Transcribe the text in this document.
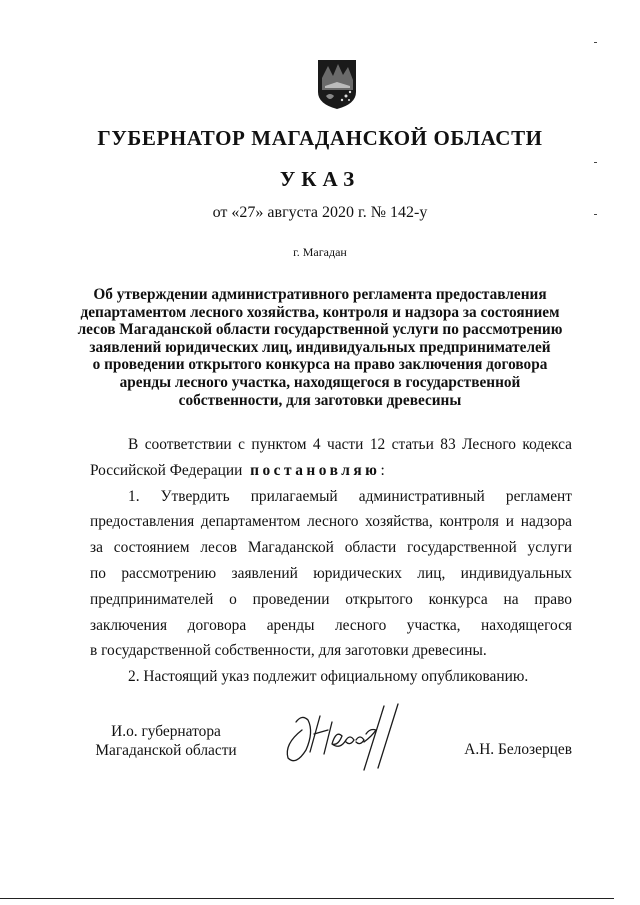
ГУБЕРНАТОР МАГАДАНСКОЙ ОБЛАСТИ
УКАЗ
от «27» августа 2020 г. № 142-у
г. Магадан
Об утверждении административного регламента предоставления
департаментом лесного хозяйства, контроля и надзора за состоянием
лесов Магаданской области государственной услуги по рассмотрению
заявлений юридических лиц, индивидуальных предпринимателей
о проведении открытого конкурса на право заключения договора
аренды лесного участка, находящегося в государственной
собственности, для заготовки древесины
В соответствии с пунктом 4 части 12 статьи 83 Лесного кодекса
Российской Федерации постановляю:
1. Утвердить прилагаемый административный регламент
предоставления департаментом лесного хозяйства, контроля и надзора
за состоянием лесов Магаданской области государственной услуги
по рассмотрению заявлений юридических лиц, индивидуальных
предпринимателей о проведении открытого конкурса на право
заключения договора аренды лесного участка, находящегося
в государственной собственности, для заготовки древесины.
2. Настоящий указ подлежит официальному опубликованию.
И.о. губернатора
Магаданской области	А.Н. Белозерцев
